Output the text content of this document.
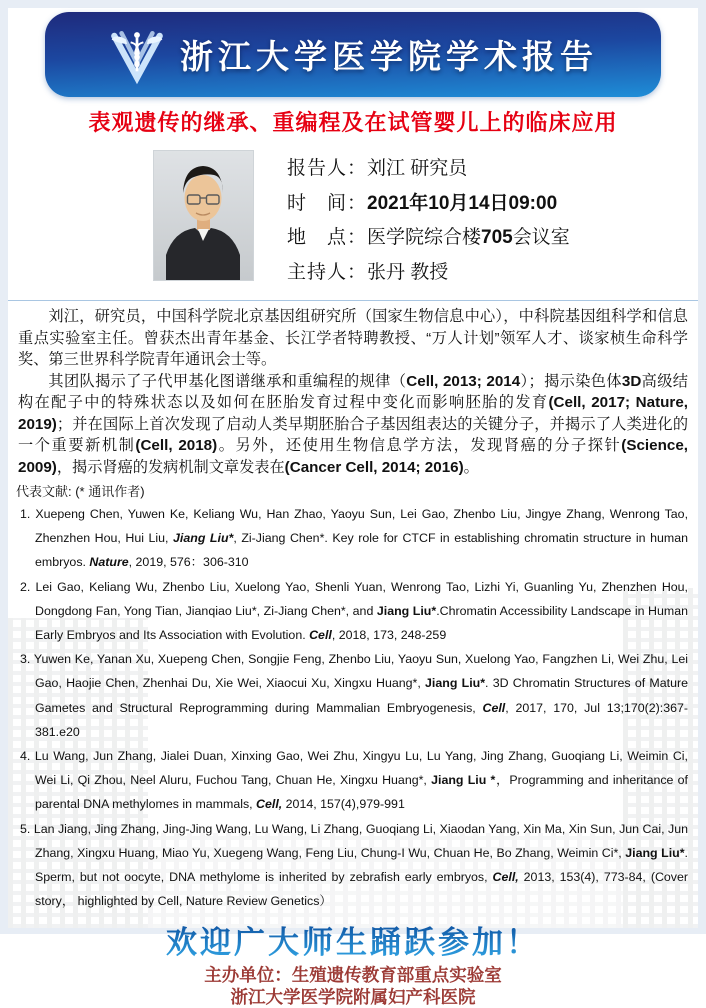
浙江大学医学院学术报告
表观遗传的继承、重编程及在试管婴儿上的临床应用
报告人：刘江 研究员
时　间：2021年10月14日09:00
地　点：医学院综合楼705会议室
主持人：张丹 教授

刘江，研究员，中国科学院北京基因组研究所（国家生物信息中心），中科院基因组科学和信息重点实验室主任。曾获杰出青年基金、长江学者特聘教授、“万人计划”领军人才、谈家桢生命科学奖、第三世界科学院青年通讯会士等。

其团队揭示了子代甲基化图谱继承和重编程的规律（Cell, 2013; 2014）；揭示染色体3D高级结构在配子中的特殊状态以及如何在胚胎发育过程中变化而影响胚胎的发育(Cell, 2017; Nature, 2019)；并在国际上首次发现了启动人类早期胚胎合子基因组表达的关键分子，并揭示了人类进化的一个重要新机制(Cell, 2018)。另外，还使用生物信息学方法，发现肾癌的分子探针(Science, 2009)，揭示肾癌的发病机制文章发表在(Cancer Cell, 2014; 2016)。

代表文献: (* 通讯作者)
1. Xuepeng Chen, Yuwen Ke, Keliang Wu, Han Zhao, Yaoyu Sun, Lei Gao, Zhenbo Liu, Jingye Zhang, Wenrong Tao, Zhenzhen Hou, Hui Liu, Jiang Liu*, Zi-Jiang Chen*. Key role for CTCF in establishing chromatin structure in human embryos. Nature, 2019, 576：306-310
2. Lei Gao, Keliang Wu, Zhenbo Liu, Xuelong Yao, Shenli Yuan, Wenrong Tao, Lizhi Yi, Guanling Yu, Zhenzhen Hou, Dongdong Fan, Yong Tian, Jianqiao Liu*, Zi-Jiang Chen*, and Jiang Liu*.Chromatin Accessibility Landscape in Human Early Embryos and Its Association with Evolution. Cell, 2018, 173, 248-259
3. Yuwen Ke, Yanan Xu, Xuepeng Chen, Songjie Feng, Zhenbo Liu, Yaoyu Sun, Xuelong Yao, Fangzhen Li, Wei Zhu, Lei Gao, Haojie Chen, Zhenhai Du, Xie Wei, Xiaocui Xu, Xingxu Huang*, Jiang Liu*. 3D Chromatin Structures of Mature Gametes and Structural Reprogramming during Mammalian Embryogenesis, Cell, 2017, 170, Jul 13;170(2):367-381.e20
4. Lu Wang, Jun Zhang, Jialei Duan, Xinxing Gao, Wei Zhu, Xingyu Lu, Lu Yang, Jing Zhang, Guoqiang Li, Weimin Ci, Wei Li, Qi Zhou, Neel Aluru, Fuchou Tang, Chuan He, Xingxu Huang*, Jiang Liu *，Programming and inheritance of parental DNA methylomes in mammals, Cell, 2014, 157(4),979-991
5. Lan Jiang, Jing Zhang, Jing-Jing Wang, Lu Wang, Li Zhang, Guoqiang Li, Xiaodan Yang, Xin Ma, Xin Sun, Jun Cai, Jun Zhang, Xingxu Huang, Miao Yu, Xuegeng Wang, Feng Liu, Chung-I Wu, Chuan He, Bo Zhang, Weimin Ci*, Jiang Liu*. Sperm, but not oocyte, DNA methylome is inherited by zebrafish early embryos, Cell, 2013, 153(4), 773-84, (Cover story， highlighted by Cell, Nature Review Genetics）
欢迎广大师生踊跃参加！
主办单位：生殖遗传教育部重点实验室
浙江大学医学院附属妇产科医院
